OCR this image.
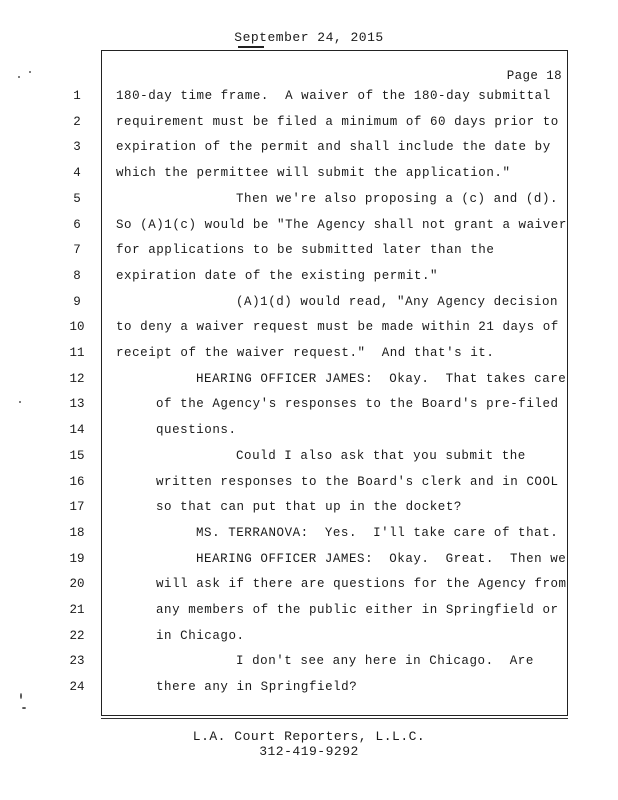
September 24, 2015
Page 18
1	180-day time frame.  A waiver of the 180-day submittal
2	requirement must be filed a minimum of 60 days prior to
3	expiration of the permit and shall include the date by
4	which the permittee will submit the application."
5	Then we're also proposing a (c) and (d).
6	So (A)1(c) would be "The Agency shall not grant a waiver
7	for applications to be submitted later than the
8	expiration date of the existing permit."
9	(A)1(d) would read, "Any Agency decision
10	to deny a waiver request must be made within 21 days of
11	receipt of the waiver request."  And that's it.
12	HEARING OFFICER JAMES:  Okay.  That takes care
13	of the Agency's responses to the Board's pre-filed
14	questions.
15	Could I also ask that you submit the
16	written responses to the Board's clerk and in COOL
17	so that can put that up in the docket?
18	MS. TERRANOVA:  Yes.  I'll take care of that.
19	HEARING OFFICER JAMES:  Okay.  Great.  Then we
20	will ask if there are questions for the Agency from
21	any members of the public either in Springfield or
22	in Chicago.
23	I don't see any here in Chicago.  Are
24	there any in Springfield?
L.A. Court Reporters, L.L.C.
312-419-9292
